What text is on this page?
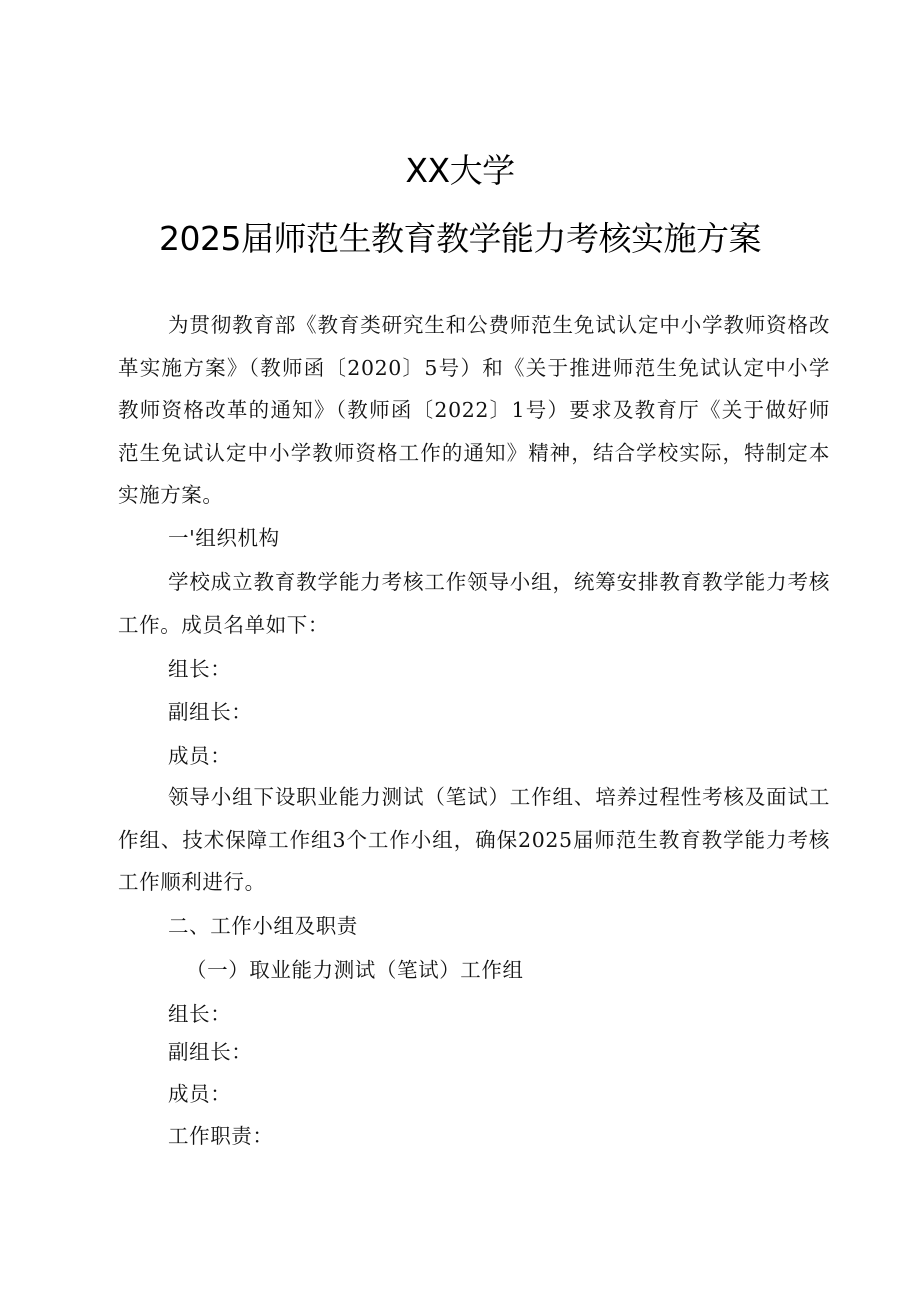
XX大学
2025届师范生教育教学能力考核实施方案

为贯彻教育部《教育类研究生和公费师范生免试认定中小学教师资格改革实施方案》（教师函〔2020〕5号）和《关于推进师范生免试认定中小学教师资格改革的通知》（教师函〔2022〕1号）要求及教育厅《关于做好师范生免试认定中小学教师资格工作的通知》精神，结合学校实际，特制定本实施方案。

一'组织机构

学校成立教育教学能力考核工作领导小组，统筹安排教育教学能力考核工作。成员名单如下：

组长：
副组长：
成员：

领导小组下设职业能力测试（笔试）工作组、培养过程性考核及面试工作组、技术保障工作组3个工作小组，确保2025届师范生教育教学能力考核工作顺利进行。

二、工作小组及职责
（一）取业能力测试（笔试）工作组
组长：
副组长：
成员：
工作职责：
